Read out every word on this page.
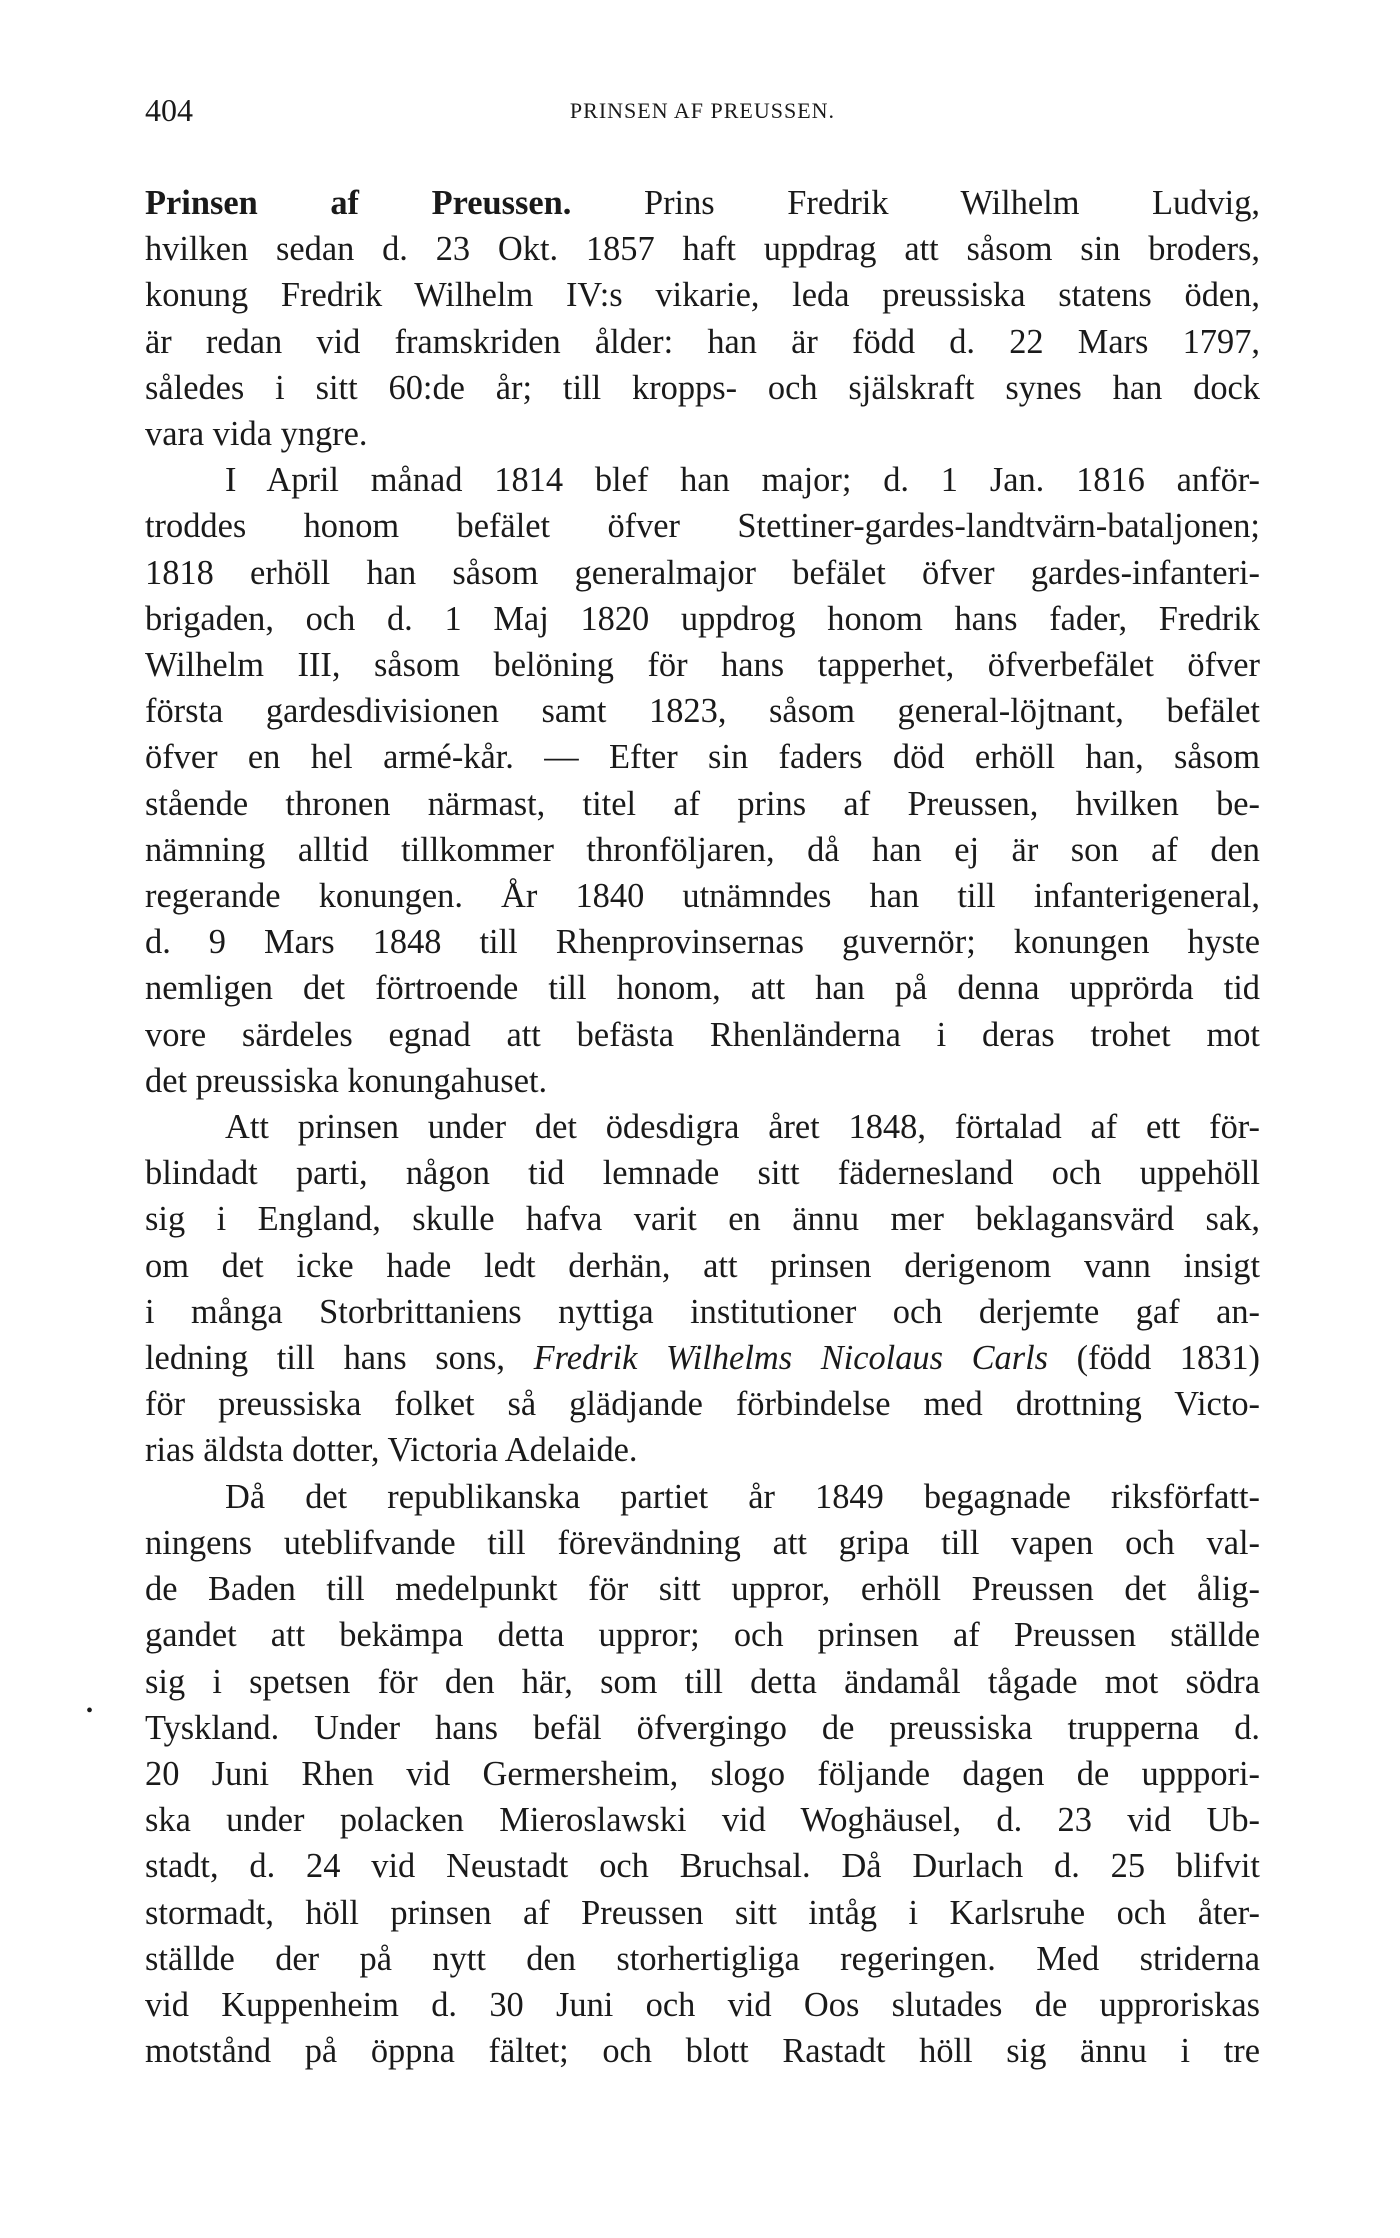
404	PRINSEN AF PREUSSEN.
Prinsen af Preussen. Prins Fredrik Wilhelm Ludvig,
hvilken sedan d. 23 Okt. 1857 haft uppdrag att såsom sin broders,
konung Fredrik Wilhelm IV:s vikarie, leda preussiska statens öden,
är redan vid framskriden ålder: han är född d. 22 Mars 1797,
således i sitt 60:de år; till kropps- och själskraft synes han dock
vara vida yngre.
I April månad 1814 blef han major; d. 1 Jan. 1816 anför-
troddes honom befälet öfver Stettiner-gardes-landtvärn-bataljonen;
1818 erhöll han såsom generalmajor befälet öfver gardes-infanteri-
brigaden, och d. 1 Maj 1820 uppdrog honom hans fader, Fredrik
Wilhelm III, såsom belöning för hans tapperhet, öfverbefälet öfver
första gardesdivisionen samt 1823, såsom general-löjtnant, befälet
öfver en hel armé-kår. — Efter sin faders död erhöll han, såsom
stående thronen närmast, titel af prins af Preussen, hvilken be-
nämning alltid tillkommer thronföljaren, då han ej är son af den
regerande konungen. År 1840 utnämndes han till infanterigeneral,
d. 9 Mars 1848 till Rhenprovinsernas guvernör; konungen hyste
nemligen det förtroende till honom, att han på denna upprörda tid
vore särdeles egnad att befästa Rhenländerna i deras trohet mot
det preussiska konungahuset.
Att prinsen under det ödesdigra året 1848, förtalad af ett för-
blindadt parti, någon tid lemnade sitt fäderneslаnd och uppehöll
sig i England, skulle hafva varit en ännu mer beklagansvärd sak,
om det icke hade ledt derhän, att prinsen derigenom vann insigt
i många Storbrittaniens nyttiga institutioner och derjemte gaf an-
ledning till hans sons, Fredrik Wilhelms Nicolaus Carls (född 1831)
för preussiska folket så glädjande förbindelse med drottning Victo-
rias äldsta dotter, Victoria Adelaide.
Då det republikanska partiet år 1849 begagnade riksförfatt-
ningens uteblifvande till förevändning att gripa till vapen och val-
de Baden till medelpunkt för sitt uppror, erhöll Preussen det ålig-
gandet att bekämpa detta uppror; och prinsen af Preussen ställde
sig i spetsen för den här, som till detta ändamål tågade mot södra
Tyskland. Under hans befäl öfvergingo de preussiska trupperna d.
20 Juni Rhen vid Germersheim, slogo följande dagen de uppрori-
ska under polacken Mieroslawski vid Woghäusel, d. 23 vid Ub-
stadt, d. 24 vid Neustadt och Bruchsal. Då Durlach d. 25 blifvit
stormadt, höll prinsen af Preussen sitt intåg i Karlsruhe och åter-
ställde der på nytt den storhertigliga regeringen. Med striderna
vid Kuppenheim d. 30 Juni och vid Oos slutades de upproriskas
motstånd på öppna fältet; och blott Rastadt höll sig ännu i tre
•
